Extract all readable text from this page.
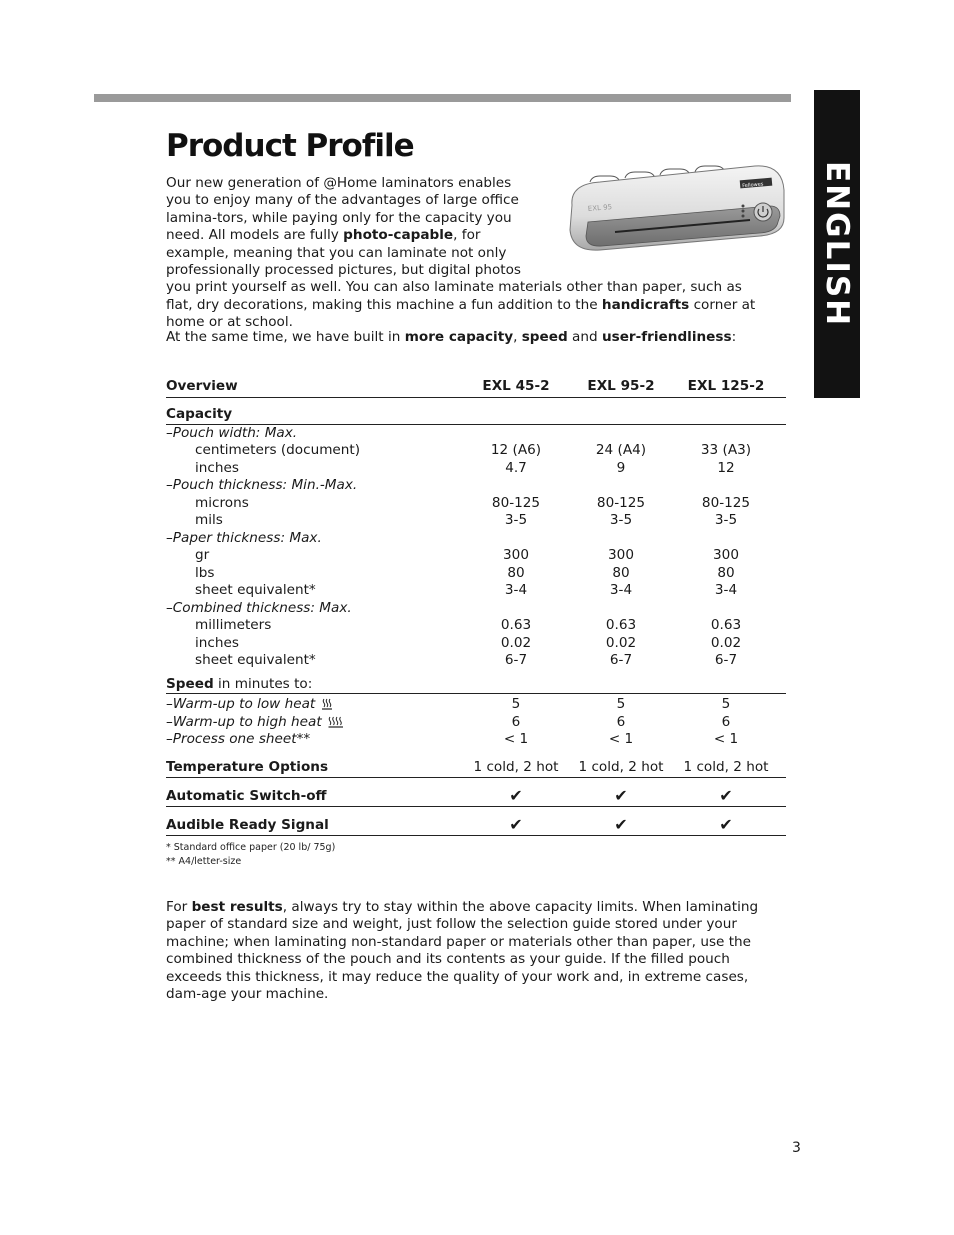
ENGLISH
Product Profile
Fellowes
EXL 95
Our new generation of @Home laminators enables you to enjoy many of the advantages of large office lamina-tors, while paying only for the capacity you need. All models are fully photo-capable, for example, meaning that you can laminate not only professionally processed pictures, but digital photos you print yourself as well. You can also laminate materials other than paper, such as flat, dry decorations, making this machine a fun addition to the handicrafts corner at home or at school.
At the same time, we have built in more capacity, speed and user-friendliness:
Overview	EXL 45-2	EXL 95-2	EXL 125-2
Capacity
–Pouch width: Max.
centimeters (document)	12 (A6)	24 (A4)	33 (A3)
inches	4.7	9	12
–Pouch thickness: Min.-Max.
microns	80-125	80-125	80-125
mils	3-5	3-5	3-5
–Paper thickness: Max.
gr	300	300	300
lbs	80	80	80
sheet equivalent*	3-4	3-4	3-4
–Combined thickness: Max.
millimeters	0.63	0.63	0.63
inches	0.02	0.02	0.02
sheet equivalent*	6-7	6-7	6-7
Speed in minutes to:
–Warm-up to low heat	5	5	5
–Warm-up to high heat	6	6	6
–Process one sheet**	< 1	< 1	< 1
Temperature Options	1 cold, 2 hot	1 cold, 2 hot	1 cold, 2 hot
Automatic Switch-off	✔	✔	✔
Audible Ready Signal	✔	✔	✔
* Standard office paper (20 lb/ 75g)
** A4/letter-size
For best results, always try to stay within the above capacity limits. When laminating paper of standard size and weight, just follow the selection guide stored under your machine; when laminating non-standard paper or materials other than paper, use the combined thickness of the pouch and its contents as your guide. If the filled pouch exceeds this thickness, it may reduce the quality of your work and, in extreme cases, dam-age your machine.
3
